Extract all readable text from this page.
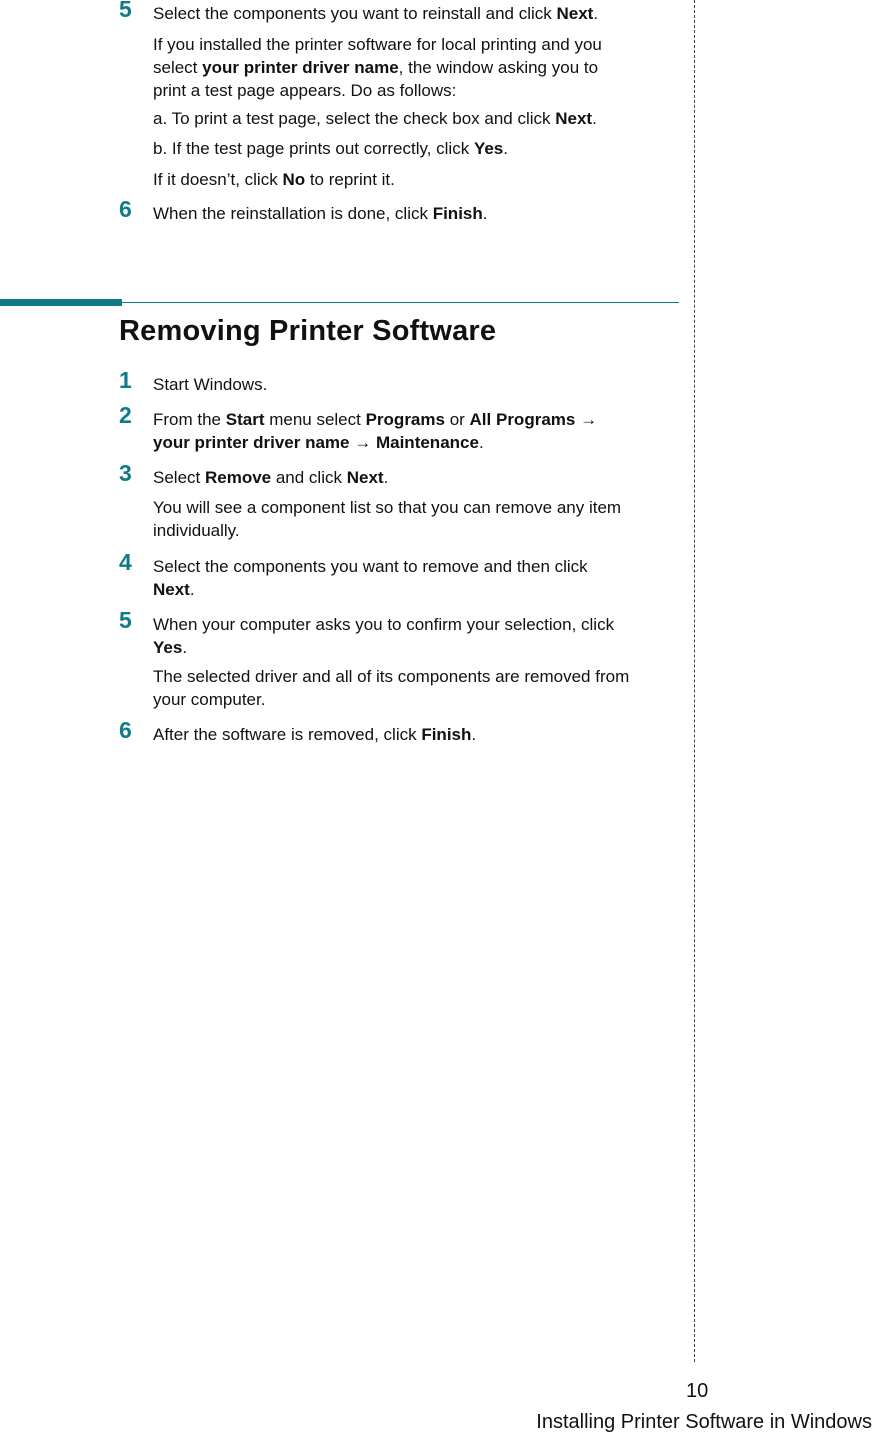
5 Select the components you want to reinstall and click Next.
If you installed the printer software for local printing and you
select your printer driver name, the window asking you to
print a test page appears. Do as follows:
a. To print a test page, select the check box and click Next.
b. If the test page prints out correctly, click Yes.
If it doesn’t, click No to reprint it.
6 When the reinstallation is done, click Finish.
Removing Printer Software
1 Start Windows.
2 From the Start menu select Programs or All Programs →
your printer driver name → Maintenance.
3 Select Remove and click Next.
You will see a component list so that you can remove any item
individually.
4 Select the components you want to remove and then click
Next.
5 When your computer asks you to confirm your selection, click
Yes.
The selected driver and all of its components are removed from
your computer.
6 After the software is removed, click Finish.
10
Installing Printer Software in Windows
